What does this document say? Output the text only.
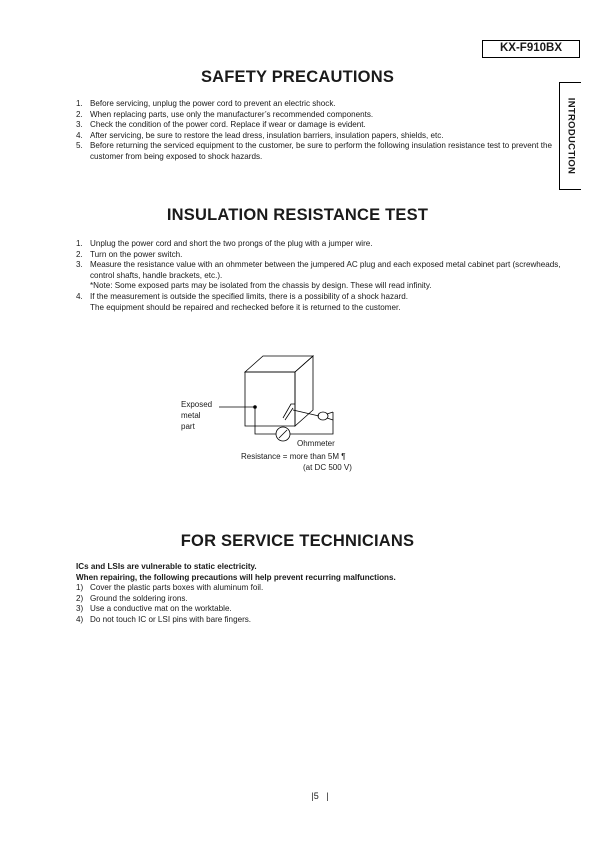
KX-F910BX
INTRODUCTION
SAFETY PRECAUTIONS
1. Before servicing, unplug the power cord to prevent an electric shock.
2. When replacing parts, use only the manufacturer’s recommended components.
3. Check the condition of the power cord. Replace if wear or damage is evident.
4. After servicing, be sure to restore the lead dress, insulation barriers, insulation papers, shields, etc.
5. Before returning the serviced equipment to the customer, be sure to perform the following insulation resistance test to prevent the customer from being exposed to shock hazards.
INSULATION RESISTANCE TEST
1. Unplug the power cord and short the two prongs of the plug with a jumper wire.
2. Turn on the power switch.
3. Measure the resistance value with an ohmmeter between the jumpered AC plug and each exposed metal cabinet part (screwheads, control shafts, handle brackets, etc.).
*Note: Some exposed parts may be isolated from the chassis by design. These will read infinity.
4. If the measurement is outside the specified limits, there is a possibility of a shock hazard.
The equipment should be repaired and rechecked before it is returned to the customer.
Exposed
metal
part
Ohmmeter
Resistance = more than 5M ¶
(at DC 500 V)
FOR SERVICE TECHNICIANS
ICs and LSIs are vulnerable to static electricity.
When repairing, the following precautions will help prevent recurring malfunctions.
1) Cover the plastic parts boxes with aluminum foil.
2) Ground the soldering irons.
3) Use a conductive mat on the worktable.
4) Do not touch IC or LSI pins with bare fingers.
|5   |
